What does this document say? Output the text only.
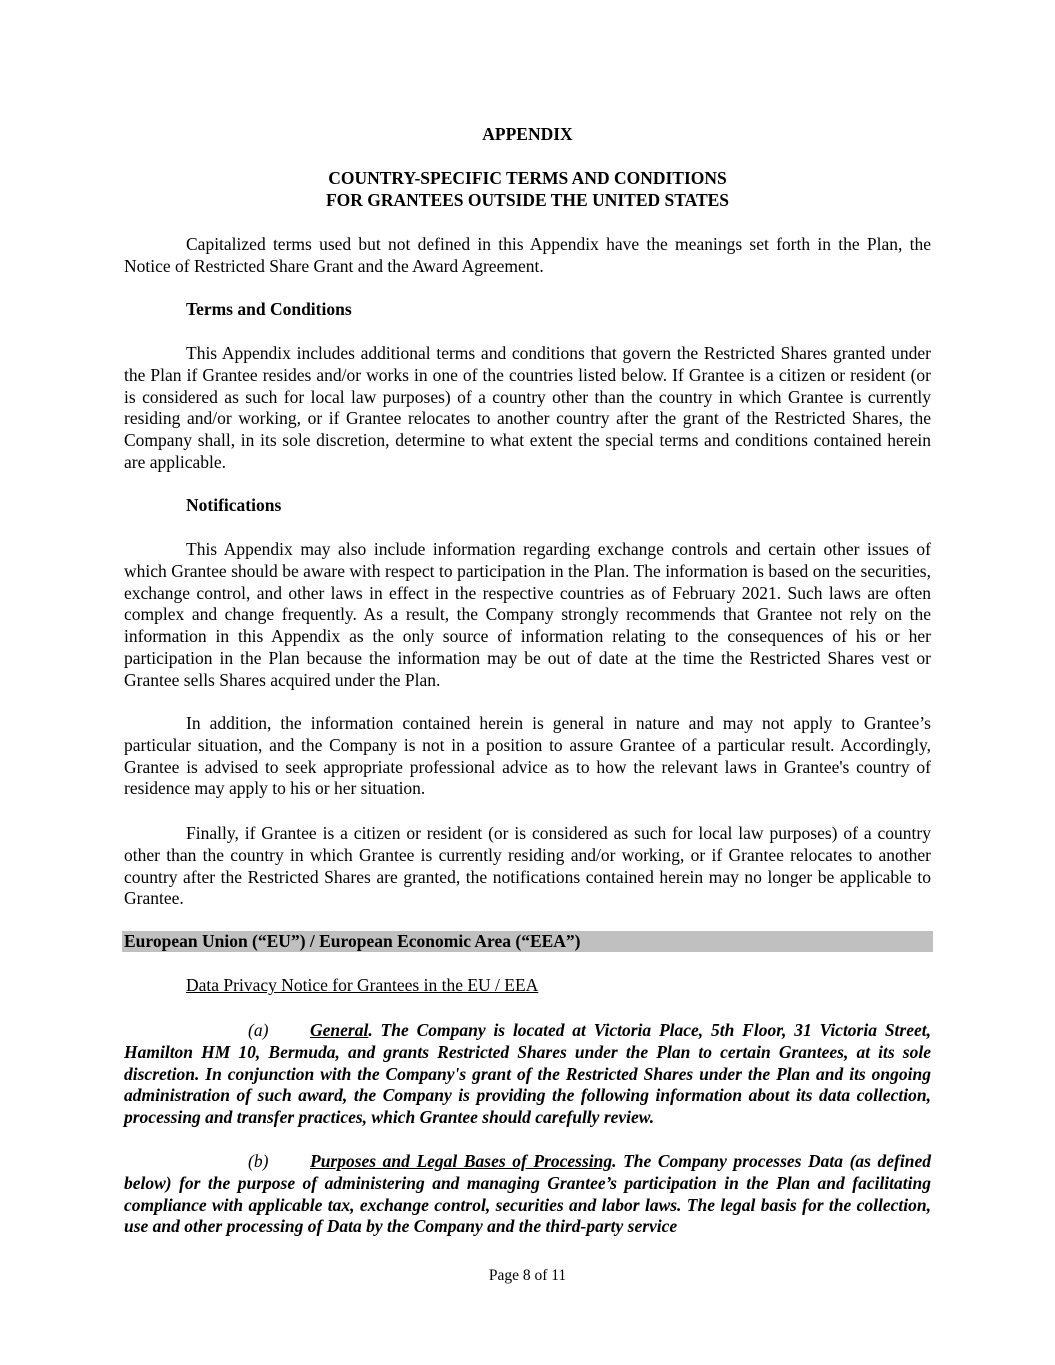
APPENDIX

COUNTRY-SPECIFIC TERMS AND CONDITIONS
FOR GRANTEES OUTSIDE THE UNITED STATES

Capitalized terms used but not defined in this Appendix have the meanings set forth in the Plan, the Notice of Restricted Share Grant and the Award Agreement.

Terms and Conditions

This Appendix includes additional terms and conditions that govern the Restricted Shares granted under the Plan if Grantee resides and/or works in one of the countries listed below. If Grantee is a citizen or resident (or is considered as such for local law purposes) of a country other than the country in which Grantee is currently residing and/or working, or if Grantee relocates to another country after the grant of the Restricted Shares, the Company shall, in its sole discretion, determine to what extent the special terms and conditions contained herein are applicable.

Notifications

This Appendix may also include information regarding exchange controls and certain other issues of which Grantee should be aware with respect to participation in the Plan. The information is based on the securities, exchange control, and other laws in effect in the respective countries as of February 2021. Such laws are often complex and change frequently. As a result, the Company strongly recommends that Grantee not rely on the information in this Appendix as the only source of information relating to the consequences of his or her participation in the Plan because the information may be out of date at the time the Restricted Shares vest or Grantee sells Shares acquired under the Plan.

In addition, the information contained herein is general in nature and may not apply to Grantee’s particular situation, and the Company is not in a position to assure Grantee of a particular result. Accordingly, Grantee is advised to seek appropriate professional advice as to how the relevant laws in Grantee's country of residence may apply to his or her situation.

Finally, if Grantee is a citizen or resident (or is considered as such for local law purposes) of a country other than the country in which Grantee is currently residing and/or working, or if Grantee relocates to another country after the Restricted Shares are granted, the notifications contained herein may no longer be applicable to Grantee.

European Union (“EU”) / European Economic Area (“EEA”)

Data Privacy Notice for Grantees in the EU / EEA

(a) General. The Company is located at Victoria Place, 5th Floor, 31 Victoria Street, Hamilton HM 10, Bermuda, and grants Restricted Shares under the Plan to certain Grantees, at its sole discretion. In conjunction with the Company's grant of the Restricted Shares under the Plan and its ongoing administration of such award, the Company is providing the following information about its data collection, processing and transfer practices, which Grantee should carefully review.

(b) Purposes and Legal Bases of Processing. The Company processes Data (as defined below) for the purpose of administering and managing Grantee’s participation in the Plan and facilitating compliance with applicable tax, exchange control, securities and labor laws. The legal basis for the collection, use and other processing of Data by the Company and the third-party service

Page 8 of 11
